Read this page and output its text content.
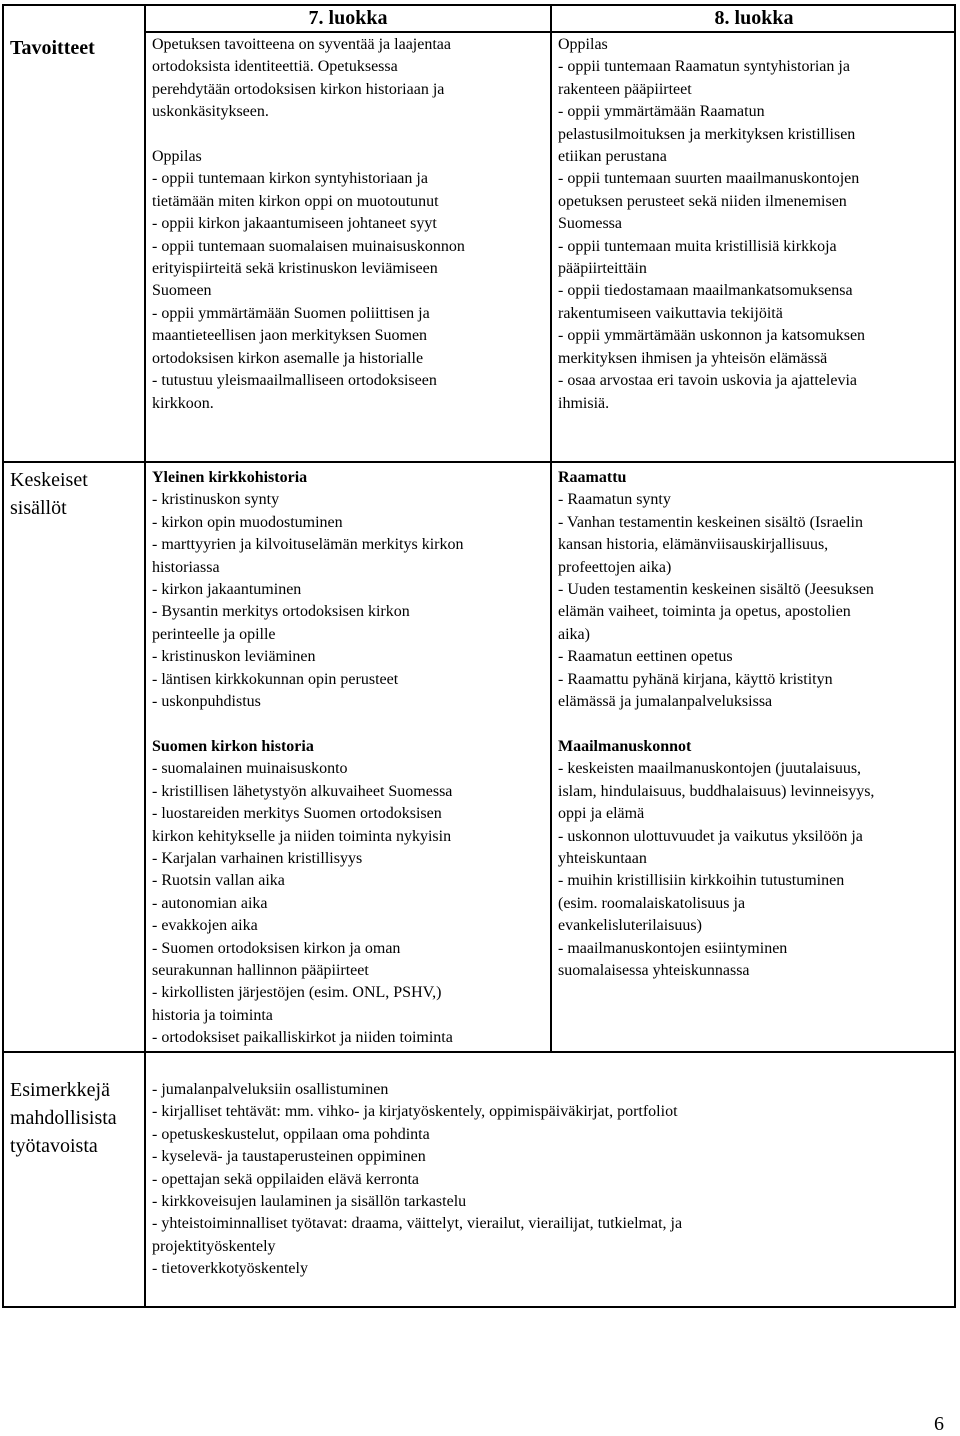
7. luokka	8. luokka
Tavoitteet	Opetuksen tavoitteena on syventää ja laajentaa
ortodoksista identiteettiä. Opetuksessa
perehdytään ortodoksisen kirkon historiaan ja
uskonkäsitykseen.

Oppilas
- oppii tuntemaan kirkon syntyhistoriaan ja
tietämään miten kirkon oppi on muotoutunut
- oppii kirkon jakaantumiseen johtaneet syyt
- oppii tuntemaan suomalaisen muinaisuskonnon
erityispiirteitä sekä kristinuskon leviämiseen
Suomeen
- oppii ymmärtämään Suomen poliittisen ja
maantieteellisen jaon merkityksen Suomen
ortodoksisen kirkon asemalle ja historialle
- tutustuu yleismaailmalliseen ortodoksiseen
kirkkoon.
Oppilas
- oppii tuntemaan Raamatun syntyhistorian ja
rakenteen pääpiirteet
- oppii ymmärtämään Raamatun
pelastusilmoituksen ja merkityksen kristillisen
etiikan perustana
- oppii tuntemaan suurten maailmanuskontojen
opetuksen perusteet sekä niiden ilmenemisen
Suomessa
- oppii tuntemaan muita kristillisiä kirkkoja
pääpiirteittäin
- oppii tiedostamaan maailmankatsomuksensa
rakentumiseen vaikuttavia tekijöitä
- oppii ymmärtämään uskonnon ja katsomuksen
merkityksen ihmisen ja yhteisön elämässä
- osaa arvostaa eri tavoin uskovia ja ajattelevia
ihmisiä.
Keskeiset
sisällöt
Yleinen kirkkohistoria
- kristinuskon synty
- kirkon opin muodostuminen
- marttyyrien ja kilvoituselämän merkitys kirkon
historiassa
- kirkon jakaantuminen
- Bysantin merkitys ortodoksisen kirkon
perinteelle ja opille
- kristinuskon leviäminen
- läntisen kirkkokunnan opin perusteet
- uskonpuhdistus

Suomen kirkon historia
- suomalainen muinaisuskonto
- kristillisen lähetystyön alkuvaiheet Suomessa
- luostareiden merkitys Suomen ortodoksisen
kirkon kehitykselle ja niiden toiminta nykyisin
- Karjalan varhainen kristillisyys
- Ruotsin vallan aika
- autonomian aika
- evakkojen aika
- Suomen ortodoksisen kirkon ja oman
seurakunnan hallinnon pääpiirteet
- kirkollisten järjestöjen (esim. ONL, PSHV,)
historia ja toiminta
- ortodoksiset paikalliskirkot ja niiden toiminta
Raamattu
- Raamatun synty
- Vanhan testamentin keskeinen sisältö (Israelin
kansan historia, elämänviisauskirjallisuus,
profeettojen aika)
- Uuden testamentin keskeinen sisältö (Jeesuksen
elämän vaiheet, toiminta ja opetus, apostolien
aika)
- Raamatun eettinen opetus
- Raamattu pyhänä kirjana, käyttö kristityn
elämässä ja jumalanpalveluksissa

Maailmanuskonnot
- keskeisten maailmanuskontojen (juutalaisuus,
islam, hindulaisuus, buddhalaisuus) levinneisyys,
oppi ja elämä
- uskonnon ulottuvuudet ja vaikutus yksilöön ja
yhteiskuntaan
- muihin kristillisiin kirkkoihin tutustuminen
(esim. roomalaiskatolisuus ja
evankelisluterilaisuus)
- maailmanuskontojen esiintyminen
suomalaisessa yhteiskunnassa
Esimerkkejä
mahdollisista
työtavoista
- jumalanpalveluksiin osallistuminen
- kirjalliset tehtävät: mm. vihko- ja kirjatyöskentely, oppimispäiväkirjat, portfoliot
- opetuskeskustelut, oppilaan oma pohdinta
- kyselevä- ja taustaperusteinen oppiminen
- opettajan sekä oppilaiden elävä kerronta
- kirkkoveisujen laulaminen ja sisällön tarkastelu
- yhteistoiminnalliset työtavat: draama, väittelyt, vierailut, vierailijat, tutkielmat, ja
projektityöskentely
- tietoverkkotyöskentely
6
